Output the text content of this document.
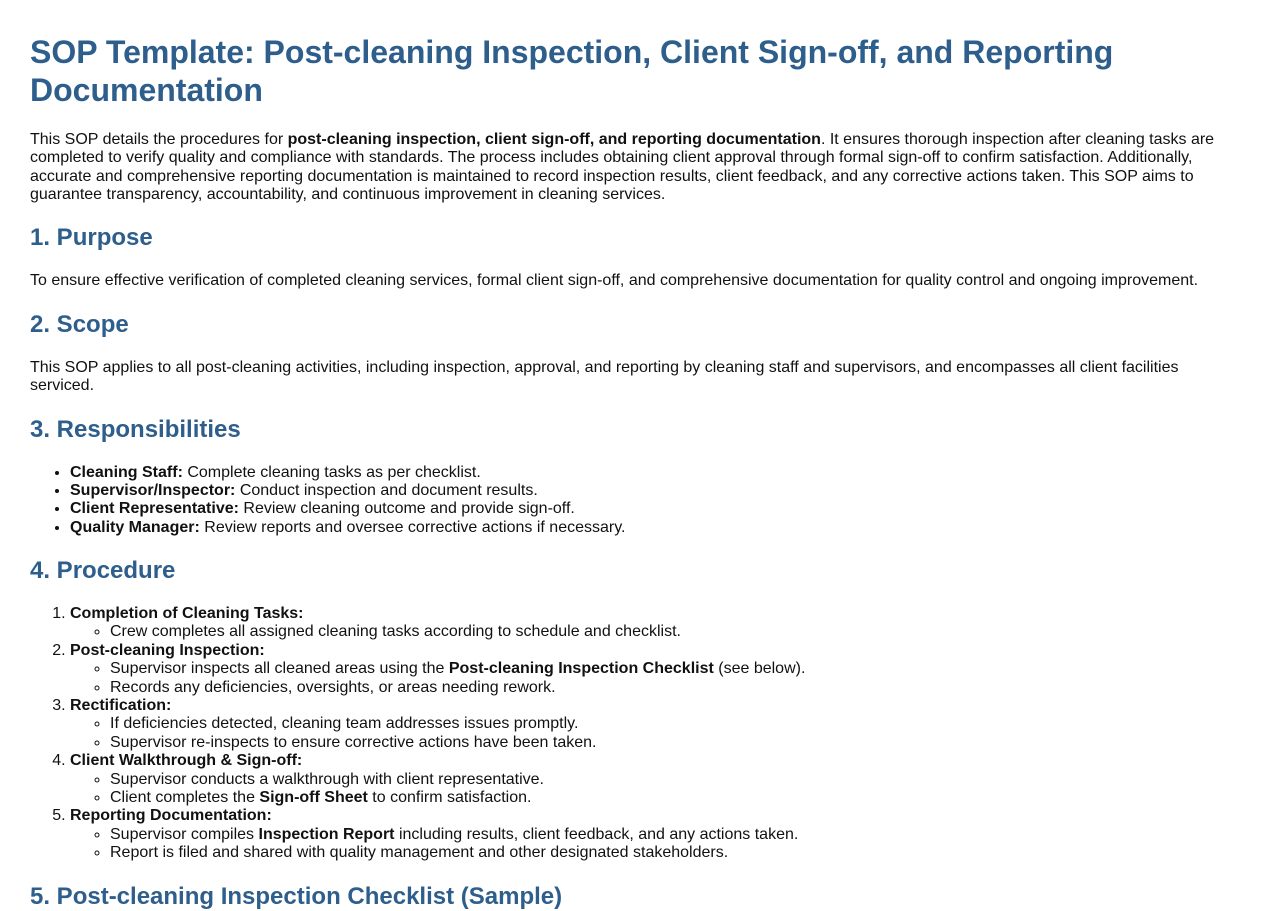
SOP Template: Post-cleaning Inspection, Client Sign-off, and Reporting Documentation

This SOP details the procedures for post-cleaning inspection, client sign-off, and reporting documentation. It ensures thorough inspection after cleaning tasks are completed to verify quality and compliance with standards. The process includes obtaining client approval through formal sign-off to confirm satisfaction. Additionally, accurate and comprehensive reporting documentation is maintained to record inspection results, client feedback, and any corrective actions taken. This SOP aims to guarantee transparency, accountability, and continuous improvement in cleaning services.

1. Purpose

To ensure effective verification of completed cleaning services, formal client sign-off, and comprehensive documentation for quality control and ongoing improvement.

2. Scope

This SOP applies to all post-cleaning activities, including inspection, approval, and reporting by cleaning staff and supervisors, and encompasses all client facilities serviced.

3. Responsibilities
• Cleaning Staff: Complete cleaning tasks as per checklist.
• Supervisor/Inspector: Conduct inspection and document results.
• Client Representative: Review cleaning outcome and provide sign-off.
• Quality Manager: Review reports and oversee corrective actions if necessary.
4. Procedure
1. Completion of Cleaning Tasks:
◦ Crew completes all assigned cleaning tasks according to schedule and checklist.
2. Post-cleaning Inspection:
◦ Supervisor inspects all cleaned areas using the Post-cleaning Inspection Checklist (see below).
◦ Records any deficiencies, oversights, or areas needing rework.
3. Rectification:
◦ If deficiencies detected, cleaning team addresses issues promptly.
◦ Supervisor re-inspects to ensure corrective actions have been taken.
4. Client Walkthrough & Sign-off:
◦ Supervisor conducts a walkthrough with client representative.
◦ Client completes the Sign-off Sheet to confirm satisfaction.
5. Reporting Documentation:
◦ Supervisor compiles Inspection Report including results, client feedback, and any actions taken.
◦ Report is filed and shared with quality management and other designated stakeholders.
5. Post-cleaning Inspection Checklist (Sample)
